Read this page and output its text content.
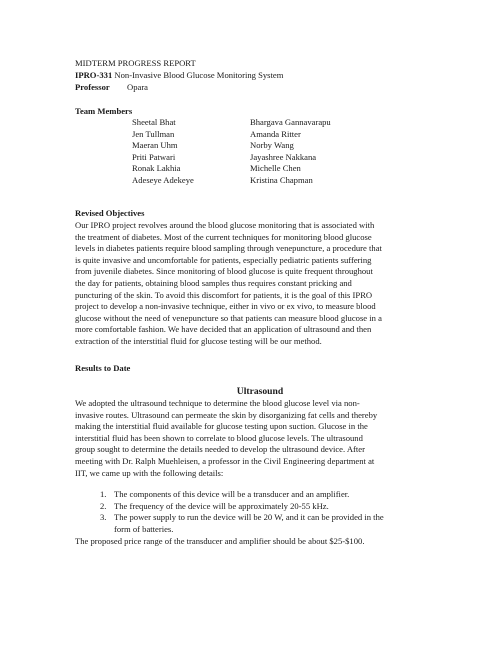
MIDTERM PROGRESS REPORT
IPRO-331 Non-Invasive Blood Glucose Monitoring System
Professor Opara
Team Members
Sheetal Bhat	Bhargava Gannavarapu
Jen Tullman	Amanda Ritter
Maeran Uhm	Norby Wang
Priti Patwari	Jayashree Nakkana
Ronak Lakhia	Michelle Chen
Adeseye Adekeye	Kristina Chapman
Revised Objectives
Our IPRO project revolves around the blood glucose monitoring that is associated with
the treatment of diabetes. Most of the current techniques for monitoring blood glucose
levels in diabetes patients require blood sampling through venepuncture, a procedure that
is quite invasive and uncomfortable for patients, especially pediatric patients suffering
from juvenile diabetes. Since monitoring of blood glucose is quite frequent throughout
the day for patients, obtaining blood samples thus requires constant pricking and
puncturing of the skin. To avoid this discomfort for patients, it is the goal of this IPRO
project to develop a non-invasive technique, either in vivo or ex vivo, to measure blood
glucose without the need of venepuncture so that patients can measure blood glucose in a
more comfortable fashion. We have decided that an application of ultrasound and then
extraction of the interstitial fluid for glucose testing will be our method.
Results to Date
Ultrasound
We adopted the ultrasound technique to determine the blood glucose level via non-
invasive routes. Ultrasound can permeate the skin by disorganizing fat cells and thereby
making the interstitial fluid available for glucose testing upon suction. Glucose in the
interstitial fluid has been shown to correlate to blood glucose levels. The ultrasound
group sought to determine the details needed to develop the ultrasound device. After
meeting with Dr. Ralph Muehleisen, a professor in the Civil Engineering department at
IIT, we came up with the following details:
1. The components of this device will be a transducer and an amplifier.
2. The frequency of the device will be approximately 20-55 kHz.
3. The power supply to run the device will be 20 W, and it can be provided in the
form of batteries.
The proposed price range of the transducer and amplifier should be about $25-$100.
